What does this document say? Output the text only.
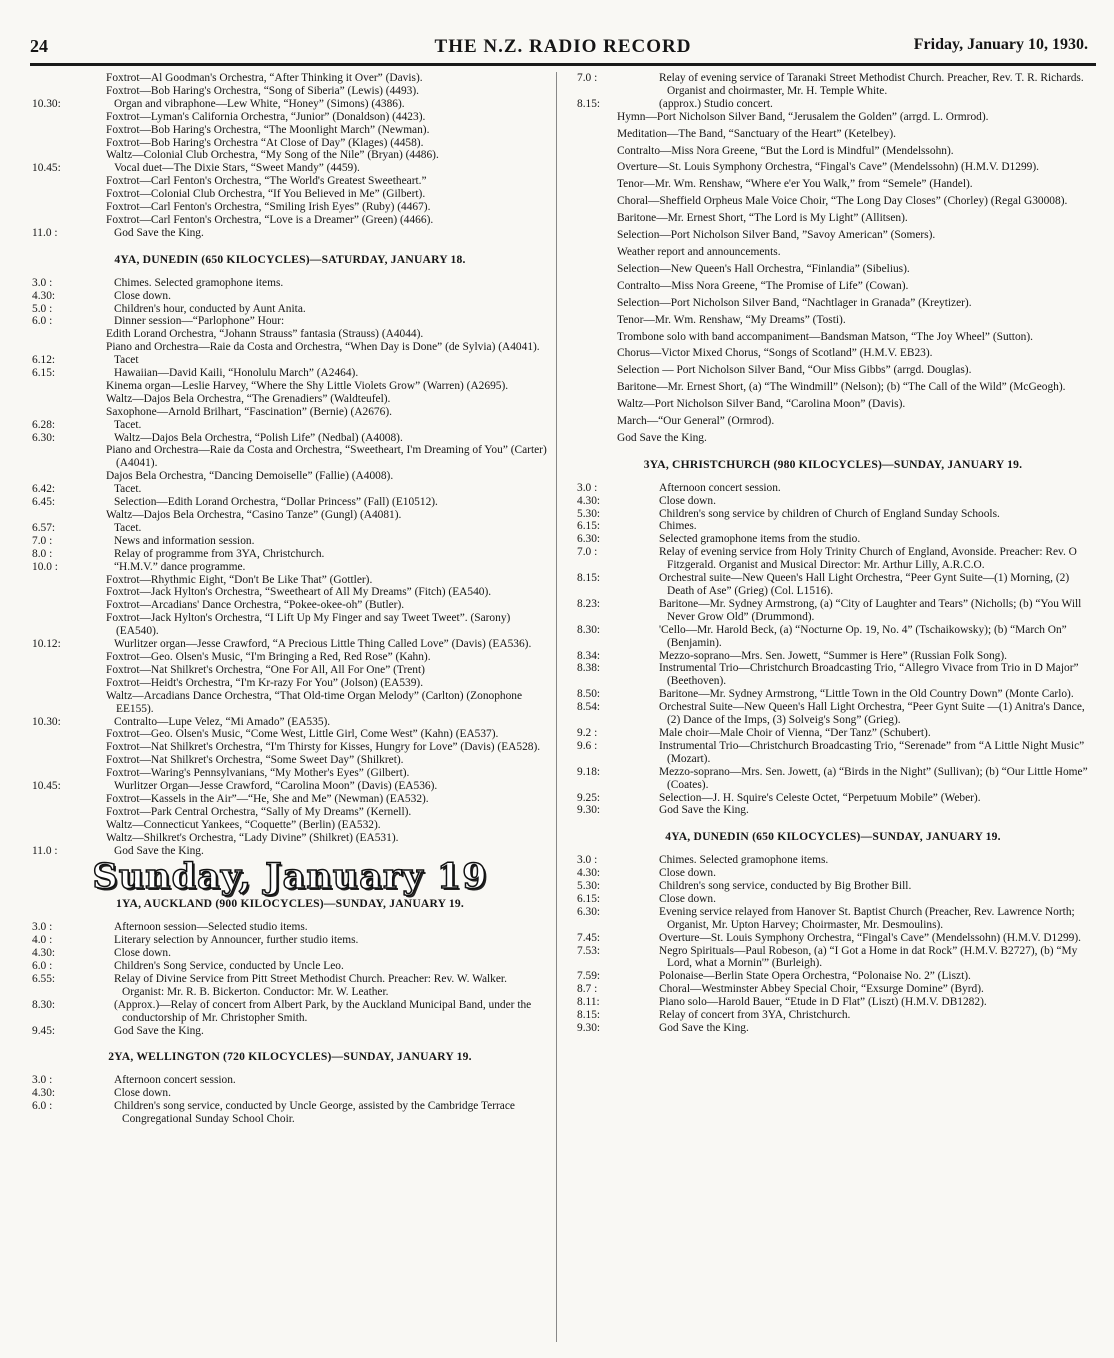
24	THE N.Z. RADIO RECORD	Friday, January 10, 1930.
Foxtrot—Al Goodman's Orchestra, “After Thinking it Over” (Davis).
Foxtrot—Bob Haring's Orchestra, “Song of Siberia” (Lewis) (4493).
10.30:	Organ and vibraphone—Lew White, “Honey” (Simons) (4386).
Foxtrot—Lyman's California Orchestra, “Junior” (Donaldson) (4423).
Foxtrot—Bob Haring's Orchestra, “The Moonlight March” (Newman).
Foxtrot—Bob Haring's Orchestra “At Close of Day” (Klages) (4458).
Waltz—Colonial Club Orchestra, “My Song of the Nile” (Bryan) (4486).
10.45:	Vocal duet—The Dixie Stars, “Sweet Mandy” (4459).
Foxtrot—Carl Fenton's Orchestra, “The World's Greatest Sweetheart.”
Foxtrot—Colonial Club Orchestra, “If You Believed in Me” (Gilbert).
Foxtrot—Carl Fenton's Orchestra, “Smiling Irish Eyes” (Ruby) (4467).
Foxtrot—Carl Fenton's Orchestra, “Love is a Dreamer” (Green) (4466).
11.0 :	God Save the King.
4YA, DUNEDIN (650 KILOCYCLES)—SATURDAY, JANUARY 18.
3.0 :	Chimes. Selected gramophone items.
4.30:	Close down.
5.0 :	Children's hour, conducted by Aunt Anita.
6.0 :	Dinner session—“Parlophone” Hour:
Edith Lorand Orchestra, “Johann Strauss” fantasia (Strauss) (A4044).
Piano and Orchestra—Raie da Costa and Orchestra, “When Day is Done” (de Sylvia) (A4041).
6.12:	Tacet
6.15:	Hawaiian—David Kaili, “Honolulu March” (A2464).
Kinema organ—Leslie Harvey, “Where the Shy Little Violets Grow” (Warren) (A2695).
Waltz—Dajos Bela Orchestra, “The Grenadiers” (Waldteufel).
Saxophone—Arnold Brilhart, “Fascination” (Bernie) (A2676).
6.28:	Tacet.
6.30:	Waltz—Dajos Bela Orchestra, “Polish Life” (Nedbal) (A4008).
Piano and Orchestra—Raie da Costa and Orchestra, “Sweetheart, I'm Dreaming of You” (Carter) (A4041).
Dajos Bela Orchestra, “Dancing Demoiselle” (Fallie) (A4008).
6.42:	Tacet.
6.45:	Selection—Edith Lorand Orchestra, “Dollar Princess” (Fall) (E10512).
Waltz—Dajos Bela Orchestra, “Casino Tanze” (Gungl) (A4081).
6.57:	Tacet.
7.0 :	News and information session.
8.0 :	Relay of programme from 3YA, Christchurch.
10.0 :	“H.M.V.” dance programme.
Foxtrot—Rhythmic Eight, “Don't Be Like That” (Gottler).
Foxtrot—Jack Hylton's Orchestra, “Sweetheart of All My Dreams” (Fitch) (EA540).
Foxtrot—Arcadians' Dance Orchestra, “Pokee-okee-oh” (Butler).
Foxtrot—Jack Hylton's Orchestra, “I Lift Up My Finger and say Tweet Tweet”. (Sarony) (EA540).
10.12:	Wurlitzer organ—Jesse Crawford, “A Precious Little Thing Called Love” (Davis) (EA536).
Foxtrot—Geo. Olsen's Music, “I'm Bringing a Red, Red Rose” (Kahn).
Foxtrot—Nat Shilkret's Orchestra, “One For All, All For One” (Trent)
Foxtrot—Heidt's Orchestra, “I'm Kr-razy For You” (Jolson) (EA539).
Waltz—Arcadians Dance Orchestra, “That Old-time Organ Melody” (Carlton) (Zonophone EE155).
10.30:	Contralto—Lupe Velez, “Mi Amado” (EA535).
Foxtrot—Geo. Olsen's Music, “Come West, Little Girl, Come West” (Kahn) (EA537).
Foxtrot—Nat Shilkret's Orchestra, “I'm Thirsty for Kisses, Hungry for Love” (Davis) (EA528).
Foxtrot—Nat Shilkret's Orchestra, “Some Sweet Day” (Shilkret).
Foxtrot—Waring's Pennsylvanians, “My Mother's Eyes” (Gilbert).
10.45:	Wurlitzer Organ—Jesse Crawford, “Carolina Moon” (Davis) (EA536).
Foxtrot—Kassels in the Air”—“He, She and Me” (Newman) (EA532).
Foxtrot—Park Central Orchestra, “Sally of My Dreams” (Kernell).
Waltz—Connecticut Yankees, “Coquette” (Berlin) (EA532).
Waltz—Shilkret's Orchestra, “Lady Divine” (Shilkret) (EA531).
11.0 :	God Save the King.
Sunday, January 19
1YA, AUCKLAND (900 KILOCYCLES)—SUNDAY, JANUARY 19.
3.0 :	Afternoon session—Selected studio items.
4.0 :	Literary selection by Announcer, further studio items.
4.30:	Close down.
6.0 :	Children's Song Service, conducted by Uncle Leo.
6.55:	Relay of Divine Service from Pitt Street Methodist Church. Preacher: Rev. W. Walker. Organist: Mr. R. B. Bickerton. Conductor: Mr. W. Leather.
8.30:	(Approx.)—Relay of concert from Albert Park, by the Auckland Municipal Band, under the conductorship of Mr. Christopher Smith.
9.45:	God Save the King.
2YA, WELLINGTON (720 KILOCYCLES)—SUNDAY, JANUARY 19.
3.0 :	Afternoon concert session.
4.30:	Close down.
6.0 :	Children's song service, conducted by Uncle George, assisted by the Cambridge Terrace Congregational Sunday School Choir.
7.0 :	Relay of evening service of Taranaki Street Methodist Church. Preacher, Rev. T. R. Richards. Organist and choirmaster, Mr. H. Temple White.
8.15:	(approx.) Studio concert.
Hymn—Port Nicholson Silver Band, “Jerusalem the Golden” (arrgd. L. Ormrod).
Meditation—The Band, “Sanctuary of the Heart” (Ketelbey).
Contralto—Miss Nora Greene, “But the Lord is Mindful” (Mendelssohn).
Overture—St. Louis Symphony Orchestra, “Fingal's Cave” (Mendelssohn) (H.M.V. D1299).
Tenor—Mr. Wm. Renshaw, “Where e'er You Walk,” from “Semele” (Handel).
Choral—Sheffield Orpheus Male Voice Choir, “The Long Day Closes” (Chorley) (Regal G30008).
Baritone—Mr. Ernest Short, “The Lord is My Light” (Allitsen).
Selection—Port Nicholson Silver Band, ”Savoy American” (Somers).
Weather report and announcements.
Selection—New Queen's Hall Orchestra, “Finlandia” (Sibelius).
Contralto—Miss Nora Greene, “The Promise of Life” (Cowan).
Selection—Port Nicholson Silver Band, “Nachtlager in Granada” (Kreytizer).
Tenor—Mr. Wm. Renshaw, “My Dreams” (Tosti).
Trombone solo with band accompaniment—Bandsman Matson, “The Joy Wheel” (Sutton).
Chorus—Victor Mixed Chorus, “Songs of Scotland” (H.M.V. EB23).
Selection — Port Nicholson Silver Band, “Our Miss Gibbs” (arrgd. Douglas).
Baritone—Mr. Ernest Short, (a) “The Windmill” (Nelson); (b) “The Call of the Wild” (McGeogh).
Waltz—Port Nicholson Silver Band, “Carolina Moon” (Davis).
March—“Our General” (Ormrod).
God Save the King.
3YA, CHRISTCHURCH (980 KILOCYCLES)—SUNDAY, JANUARY 19.
3.0 :	Afternoon concert session.
4.30:	Close down.
5.30:	Children's song service by children of Church of England Sunday Schools.
6.15:	Chimes.
6.30:	Selected gramophone items from the studio.
7.0 :	Relay of evening service from Holy Trinity Church of England, Avonside. Preacher: Rev. O Fitzgerald. Organist and Musical Director: Mr. Arthur Lilly, A.R.C.O.
8.15:	Orchestral suite—New Queen's Hall Light Orchestra, “Peer Gynt Suite—(1) Morning, (2) Death of Ase” (Grieg) (Col. L1516).
8.23:	Baritone—Mr. Sydney Armstrong, (a) “City of Laughter and Tears” (Nicholls; (b) “You Will Never Grow Old” (Drummond).
8.30:	'Cello—Mr. Harold Beck, (a) “Nocturne Op. 19, No. 4” (Tschaikowsky); (b) “March On” (Benjamin).
8.34:	Mezzo-soprano—Mrs. Sen. Jowett, “Summer is Here” (Russian Folk Song).
8.38:	Instrumental Trio—Christchurch Broadcasting Trio, “Allegro Vivace from Trio in D Major” (Beethoven).
8.50:	Baritone—Mr. Sydney Armstrong, “Little Town in the Old Country Down” (Monte Carlo).
8.54:	Orchestral Suite—New Queen's Hall Light Orchestra, “Peer Gynt Suite —(1) Anitra's Dance, (2) Dance of the Imps, (3) Solveig's Song” (Grieg).
9.2 :	Male choir—Male Choir of Vienna, “Der Tanz” (Schubert).
9.6 :	Instrumental Trio—Christchurch Broadcasting Trio, “Serenade” from “A Little Night Music” (Mozart).
9.18:	Mezzo-soprano—Mrs. Sen. Jowett, (a) “Birds in the Night” (Sullivan); (b) “Our Little Home” (Coates).
9.25:	Selection—J. H. Squire's Celeste Octet, “Perpetuum Mobile” (Weber).
9.30:	God Save the King.
4YA, DUNEDIN (650 KILOCYCLES)—SUNDAY, JANUARY 19.
3.0 :	Chimes. Selected gramophone items.
4.30:	Close down.
5.30:	Children's song service, conducted by Big Brother Bill.
6.15:	Close down.
6.30:	Evening service relayed from Hanover St. Baptist Church (Preacher, Rev. Lawrence North; Organist, Mr. Upton Harvey; Choirmaster, Mr. Desmoulins).
7.45:	Overture—St. Louis Symphony Orchestra, “Fingal's Cave” (Mendelssohn) (H.M.V. D1299).
7.53:	Negro Spirituals—Paul Robeson, (a) “I Got a Home in dat Rock” (H.M.V. B2727), (b) “My Lord, what a Mornin'” (Burleigh).
7.59:	Polonaise—Berlin State Opera Orchestra, “Polonaise No. 2” (Liszt).
8.7 :	Choral—Westminster Abbey Special Choir, “Exsurge Domine” (Byrd).
8.11:	Piano solo—Harold Bauer, “Etude in D Flat” (Liszt) (H.M.V. DB1282).
8.15:	Relay of concert from 3YA, Christchurch.
9.30:	God Save the King.
